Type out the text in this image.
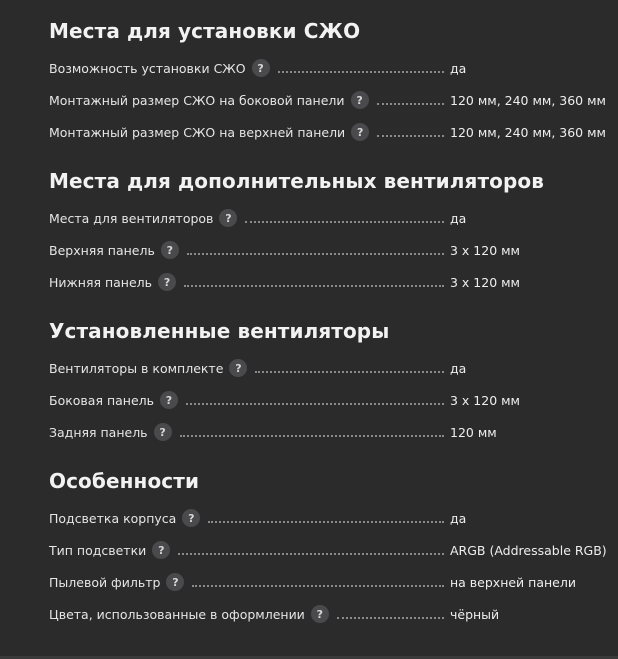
Места для установки СЖО
Возможность установки СЖО	?	да
Монтажный размер СЖО на боковой панели	?	120 мм, 240 мм, 360 мм
Монтажный размер СЖО на верхней панели	?	120 мм, 240 мм, 360 мм
Места для дополнительных вентиляторов
Места для вентиляторов	?	да
Верхняя панель	?	3 x 120 мм
Нижняя панель	?	3 x 120 мм
Установленные вентиляторы
Вентиляторы в комплекте	?	да
Боковая панель	?	3 x 120 мм
Задняя панель	?	120 мм
Особенности
Подсветка корпуса	?	да
Тип подсветки	?	ARGB (Addressable RGB)
Пылевой фильтр	?	на верхней панели
Цвета, использованные в оформлении	?	чёрный
